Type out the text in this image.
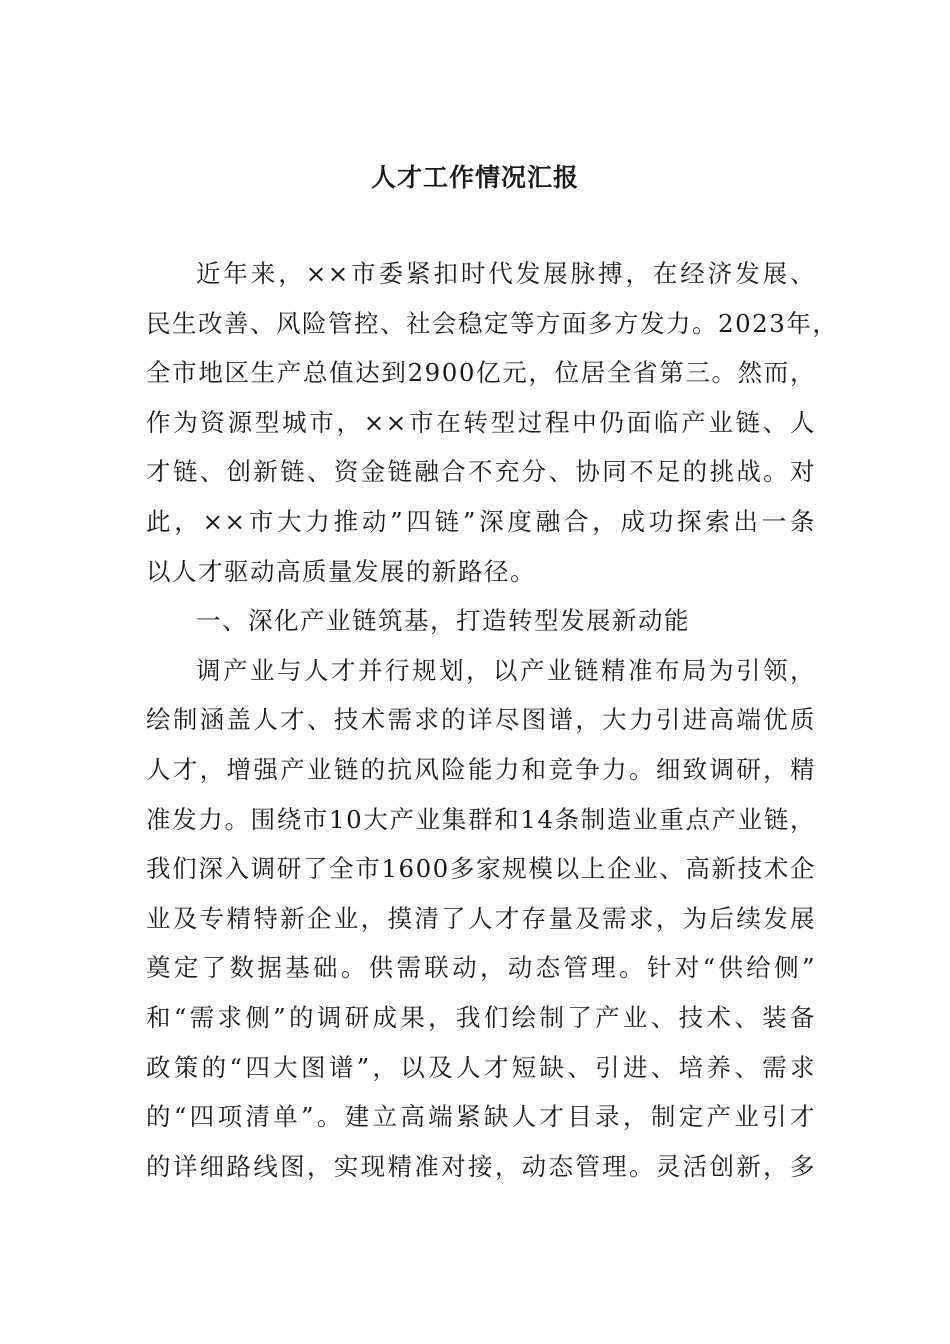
人才工作情况汇报
近年来，××市委紧扣时代发展脉搏，在经济发展、
民生改善、风险管控、社会稳定等方面多方发力。2023年，
全市地区生产总值达到2900亿元，位居全省第三。然而，
作为资源型城市，××市在转型过程中仍面临产业链、人
才链、创新链、资金链融合不充分、协同不足的挑战。对
此，××市大力推动”四链”深度融合，成功探索出一条
以人才驱动高质量发展的新路径。
一、深化产业链筑基，打造转型发展新动能
调产业与人才并行规划，以产业链精准布局为引领，
绘制涵盖人才、技术需求的详尽图谱，大力引进高端优质
人才，增强产业链的抗风险能力和竞争力。细致调研，精
准发力。围绕市10大产业集群和14条制造业重点产业链，
我们深入调研了全市1600多家规模以上企业、高新技术企
业及专精特新企业，摸清了人才存量及需求，为后续发展
奠定了数据基础。供需联动，动态管理。针对“供给侧”
和“需求侧”的调研成果，我们绘制了产业、技术、装备
政策的“四大图谱”，以及人才短缺、引进、培养、需求
的“四项清单”。建立高端紧缺人才目录，制定产业引才
的详细路线图，实现精准对接，动态管理。灵活创新，多
